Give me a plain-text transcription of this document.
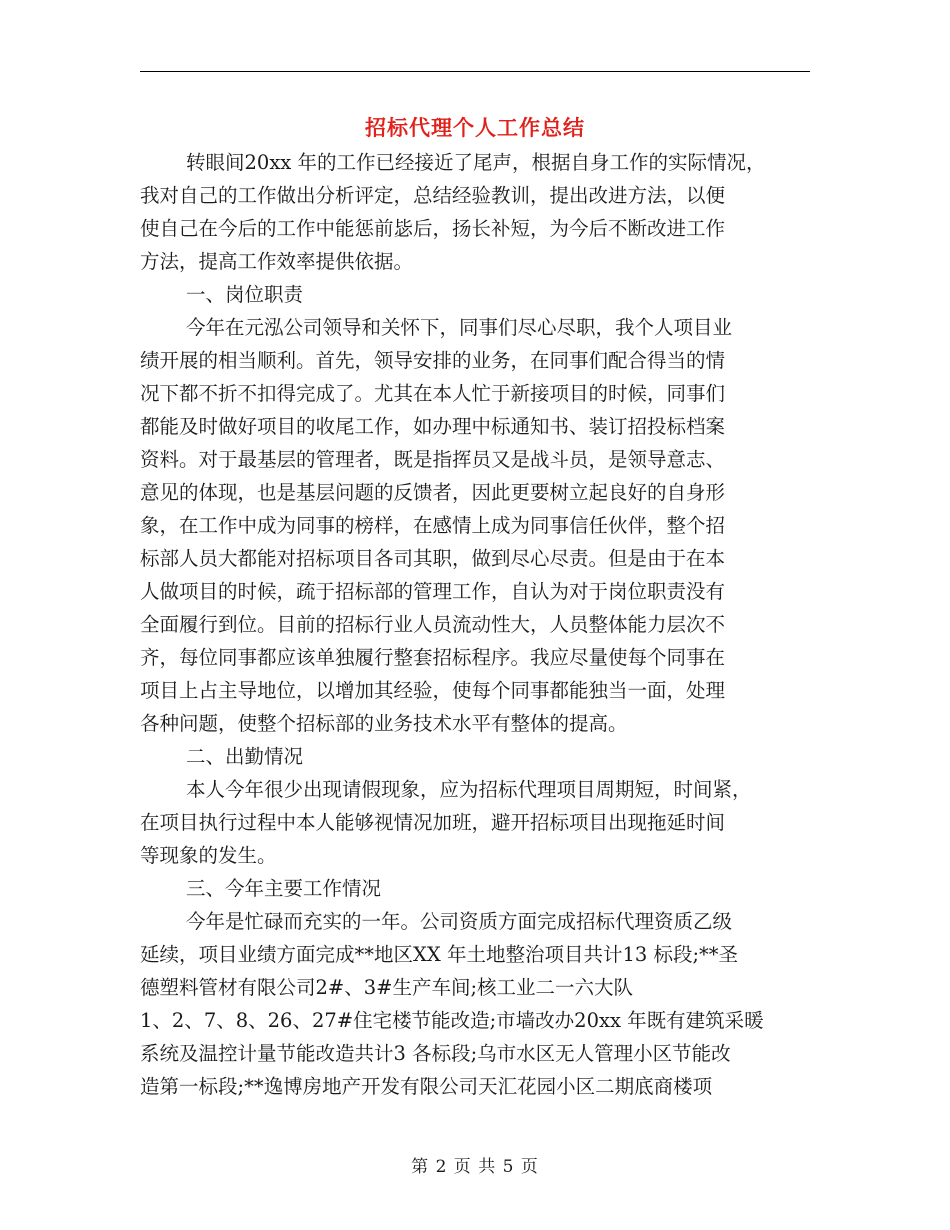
招标代理个人工作总结
转眼间20xx 年的工作已经接近了尾声，根据自身工作的实际情况，
我对自己的工作做出分析评定，总结经验教训，提出改进方法，以便
使自己在今后的工作中能惩前毖后，扬长补短，为今后不断改进工作
方法，提高工作效率提供依据。
一、岗位职责
今年在元泓公司领导和关怀下，同事们尽心尽职，我个人项目业
绩开展的相当顺利。首先，领导安排的业务，在同事们配合得当的情
况下都不折不扣得完成了。尤其在本人忙于新接项目的时候，同事们
都能及时做好项目的收尾工作，如办理中标通知书、装订招投标档案
资料。对于最基层的管理者，既是指挥员又是战斗员，是领导意志、
意见的体现，也是基层问题的反馈者，因此更要树立起良好的自身形
象，在工作中成为同事的榜样，在感情上成为同事信任伙伴，整个招
标部人员大都能对招标项目各司其职，做到尽心尽责。但是由于在本
人做项目的时候，疏于招标部的管理工作，自认为对于岗位职责没有
全面履行到位。目前的招标行业人员流动性大，人员整体能力层次不
齐，每位同事都应该单独履行整套招标程序。我应尽量使每个同事在
项目上占主导地位，以增加其经验，使每个同事都能独当一面，处理
各种问题，使整个招标部的业务技术水平有整体的提高。
二、出勤情况
本人今年很少出现请假现象，应为招标代理项目周期短，时间紧，
在项目执行过程中本人能够视情况加班，避开招标项目出现拖延时间
等现象的发生。
三、今年主要工作情况
今年是忙碌而充实的一年。公司资质方面完成招标代理资质乙级
延续，项目业绩方面完成**地区XX 年土地整治项目共计13 标段;**圣
德塑料管材有限公司2#、3#生产车间;核工业二一六大队
1、2、7、8、26、27#住宅楼节能改造;市墙改办20xx 年既有建筑采暖
系统及温控计量节能改造共计3 各标段;乌市水区无人管理小区节能改
造第一标段;**逸博房地产开发有限公司天汇花园小区二期底商楼项
第 2 页 共 5 页
